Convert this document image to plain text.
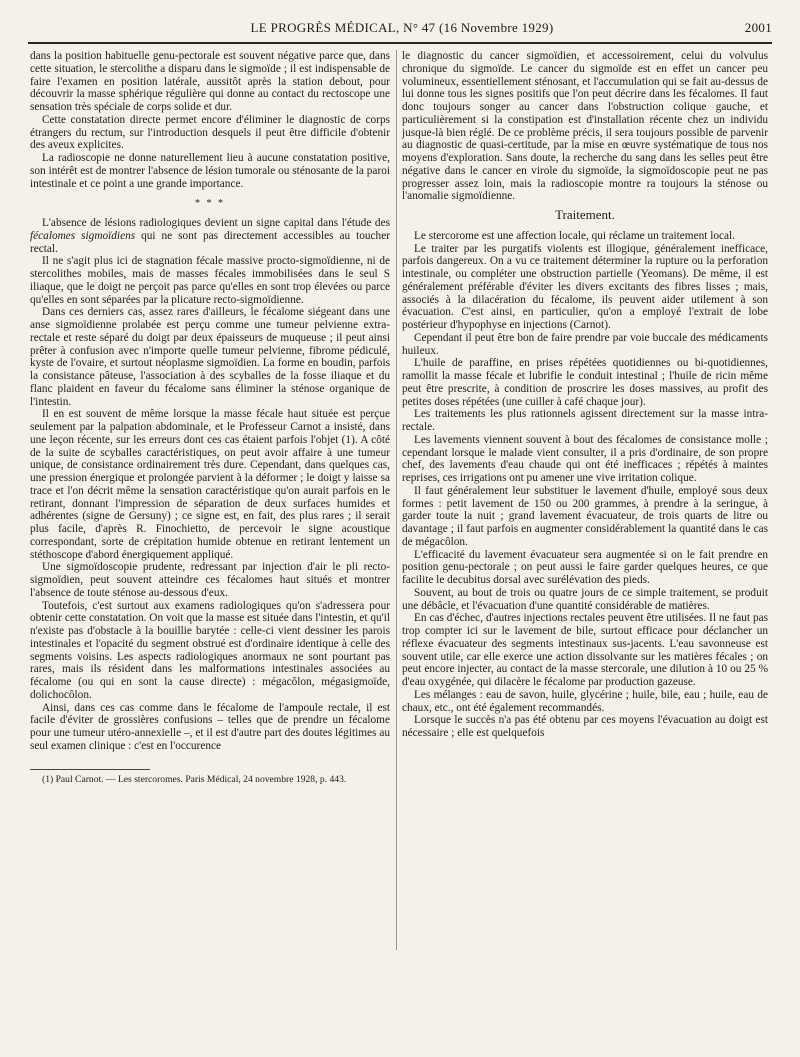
LE PROGRÈS MÉDICAL, N° 47 (16 Novembre 1929)	2001

dans la position habituelle genu-pectorale est souvent négative parce que, dans cette situation, le stercolithe a disparu dans le sigmoïde ; il est indispensable de faire l'examen en position latérale, aussitôt après la station debout, pour découvrir la masse sphérique régulière qui donne au contact du rectoscope une sensation très spéciale de corps solide et dur.

Cette constatation directe permet encore d'éliminer le diagnostic de corps étrangers du rectum, sur l'introduction desquels il peut être difficile d'obtenir des aveux explicites.

La radioscopie ne donne naturellement lieu à aucune constatation positive, son intérêt est de montrer l'absence de lésion tumorale ou sténosante de la paroi intestinale et ce point a une grande importance.

* * *

L'absence de lésions radiologiques devient un signe capital dans l'étude des fécalomes sigmoïdiens qui ne sont pas directement accessibles au toucher rectal.

Il ne s'agit plus ici de stagnation fécale massive procto-sigmoïdienne, ni de stercolithes mobiles, mais de masses fécales immobilisées dans le seul S iliaque, que le doigt ne perçoit pas parce qu'elles en sont trop élevées ou parce qu'elles en sont séparées par la plicature recto-sigmoïdienne.

Dans ces derniers cas, assez rares d'ailleurs, le fécalome siégeant dans une anse sigmoïdienne prolabée est perçu comme une tumeur pelvienne extra-rectale et reste séparé du doigt par deux épaisseurs de muqueuse ; il peut ainsi prêter à confusion avec n'importe quelle tumeur pelvienne, fibrome pédiculé, kyste de l'ovaire, et surtout néoplasme sigmoïdien. La forme en boudin, parfois la consistance pâteuse, l'association à des scyballes de la fosse iliaque et du flanc plaident en faveur du fécalome sans éliminer la sténose organique de l'intestin.

Il en est souvent de même lorsque la masse fécale haut située est perçue seulement par la palpation abdominale, et le Professeur Carnot a insisté, dans une leçon récente, sur les erreurs dont ces cas étaient parfois l'objet (1). A côté de la suite de scyballes caractéristiques, on peut avoir affaire à une tumeur unique, de consistance ordinairement très dure. Cependant, dans quelques cas, une pression énergique et prolongée parvient à la déformer ; le doigt y laisse sa trace et l'on décrit même la sensation caractéristique qu'on aurait parfois en le retirant, donnant l'impression de séparation de deux surfaces humides et adhérentes (signe de Gersuny) ; ce signe est, en fait, des plus rares ; il serait plus facile, d'après R. Finochietto, de percevoir le signe acoustique correspondant, sorte de crépitation humide obtenue en retirant lentement un stéthoscope d'abord énergiquement appliqué.

Une sigmoïdoscopie prudente, redressant par injection d'air le pli recto-sigmoïdien, peut souvent atteindre ces fécalomes haut situés et montrer l'absence de toute sténose au-dessous d'eux.

Toutefois, c'est surtout aux examens radiologiques qu'on s'adressera pour obtenir cette constatation. On voit que la masse est située dans l'intestin, et qu'il n'existe pas d'obstacle à la bouillie barytée : celle-ci vient dessiner les parois intestinales et l'opacité du segment obstrué est d'ordinaire identique à celle des segments voisins. Les aspects radiologiques anormaux ne sont pourtant pas rares, mais ils résident dans les malformations intestinales associées au fécalome (ou qui en sont la cause directe) : mégacôlon, mégasigmoïde, dolichocôlon.

Ainsi, dans ces cas comme dans le fécalome de l'ampoule rectale, il est facile d'éviter de grossières confusions – telles que de prendre un fécalome pour une tumeur utéro-annexielle –, et il est d'autre part des doutes légitimes au seul examen clinique : c'est en l'occurence

(1) Paul Carnot. — Les stercoromes. Paris Médical, 24 novembre 1928, p. 443.

le diagnostic du cancer sigmoïdien, et accessoirement, celui du volvulus chronique du sigmoïde. Le cancer du sigmoïde est en effet un cancer peu volumineux, essentiellement sténosant, et l'accumulation qui se fait au-dessus de lui donne tous les signes positifs que l'on peut décrire dans les fécalomes. Il faut donc toujours songer au cancer dans l'obstruction colique gauche, et particulièrement si la constipation est d'installation récente chez un individu jusque-là bien réglé. De ce problème précis, il sera toujours possible de parvenir au diagnostic de quasi-certitude, par la mise en œuvre systématique de tous nos moyens d'exploration. Sans doute, la recherche du sang dans les selles peut être négative dans le cancer en virole du sigmoïde, la sigmoïdoscopie peut ne pas progresser assez loin, mais la radioscopie montre ra toujours la sténose ou l'anomalie sigmoïdienne.

Traitement.

Le stercorome est une affection locale, qui réclame un traitement local.

Le traiter par les purgatifs violents est illogique, généralement inefficace, parfois dangereux. On a vu ce traitement déterminer la rupture ou la perforation intestinale, ou compléter une obstruction partielle (Yeomans). De même, il est généralement préférable d'éviter les divers excitants des fibres lisses ; mais, associés à la dilacération du fécalome, ils peuvent aider utilement à son évacuation. C'est ainsi, en particulier, qu'on a employé l'extrait de lobe postérieur d'hypophyse en injections (Carnot).

Cependant il peut être bon de faire prendre par voie buccale des médicaments huileux.

L'huile de paraffine, en prises répétées quotidiennes ou bi-quotidiennes, ramollit la masse fécale et lubrifie le conduit intestinal ; l'huile de ricin même peut être prescrite, à condition de proscrire les doses massives, au profit des petites doses répétées (une cuiller à café chaque jour).

Les traitements les plus rationnels agissent directement sur la masse intra-rectale.

Les lavements viennent souvent à bout des fécalomes de consistance molle ; cependant lorsque le malade vient consulter, il a pris d'ordinaire, de son propre chef, des lavements d'eau chaude qui ont été inefficaces ; répétés à maintes reprises, ces irrigations ont pu amener une vive irritation colique.

Il faut généralement leur substituer le lavement d'huile, employé sous deux formes : petit lavement de 150 ou 200 grammes, à prendre à la seringue, à garder toute la nuit ; grand lavement évacuateur, de trois quarts de litre ou davantage ; il faut parfois en augmenter considérablement la quantité dans le cas de mégacôlon.

L'efficacité du lavement évacuateur sera augmentée si on le fait prendre en position genu-pectorale ; on peut aussi le faire garder quelques heures, ce que facilite le decubitus dorsal avec surélévation des pieds.

Souvent, au bout de trois ou quatre jours de ce simple traitement, se produit une débâcle, et l'évacuation d'une quantité considérable de matières.

En cas d'échec, d'autres injections rectales peuvent être utilisées. Il ne faut pas trop compter ici sur le lavement de bile, surtout efficace pour déclancher un réflexe évacuateur des segments intestinaux sus-jacents. L'eau savonneuse est souvent utile, car elle exerce une action dissolvante sur les matières fécales ; on peut encore injecter, au contact de la masse stercorale, une dilution à 10 ou 25 % d'eau oxygénée, qui dilacère le fécalome par production gazeuse.

Les mélanges : eau de savon, huile, glycérine ; huile, bile, eau ; huile, eau de chaux, etc., ont été également recommandés.

Lorsque le succès n'a pas été obtenu par ces moyens l'évacuation au doigt est nécessaire ; elle est quelquefois
